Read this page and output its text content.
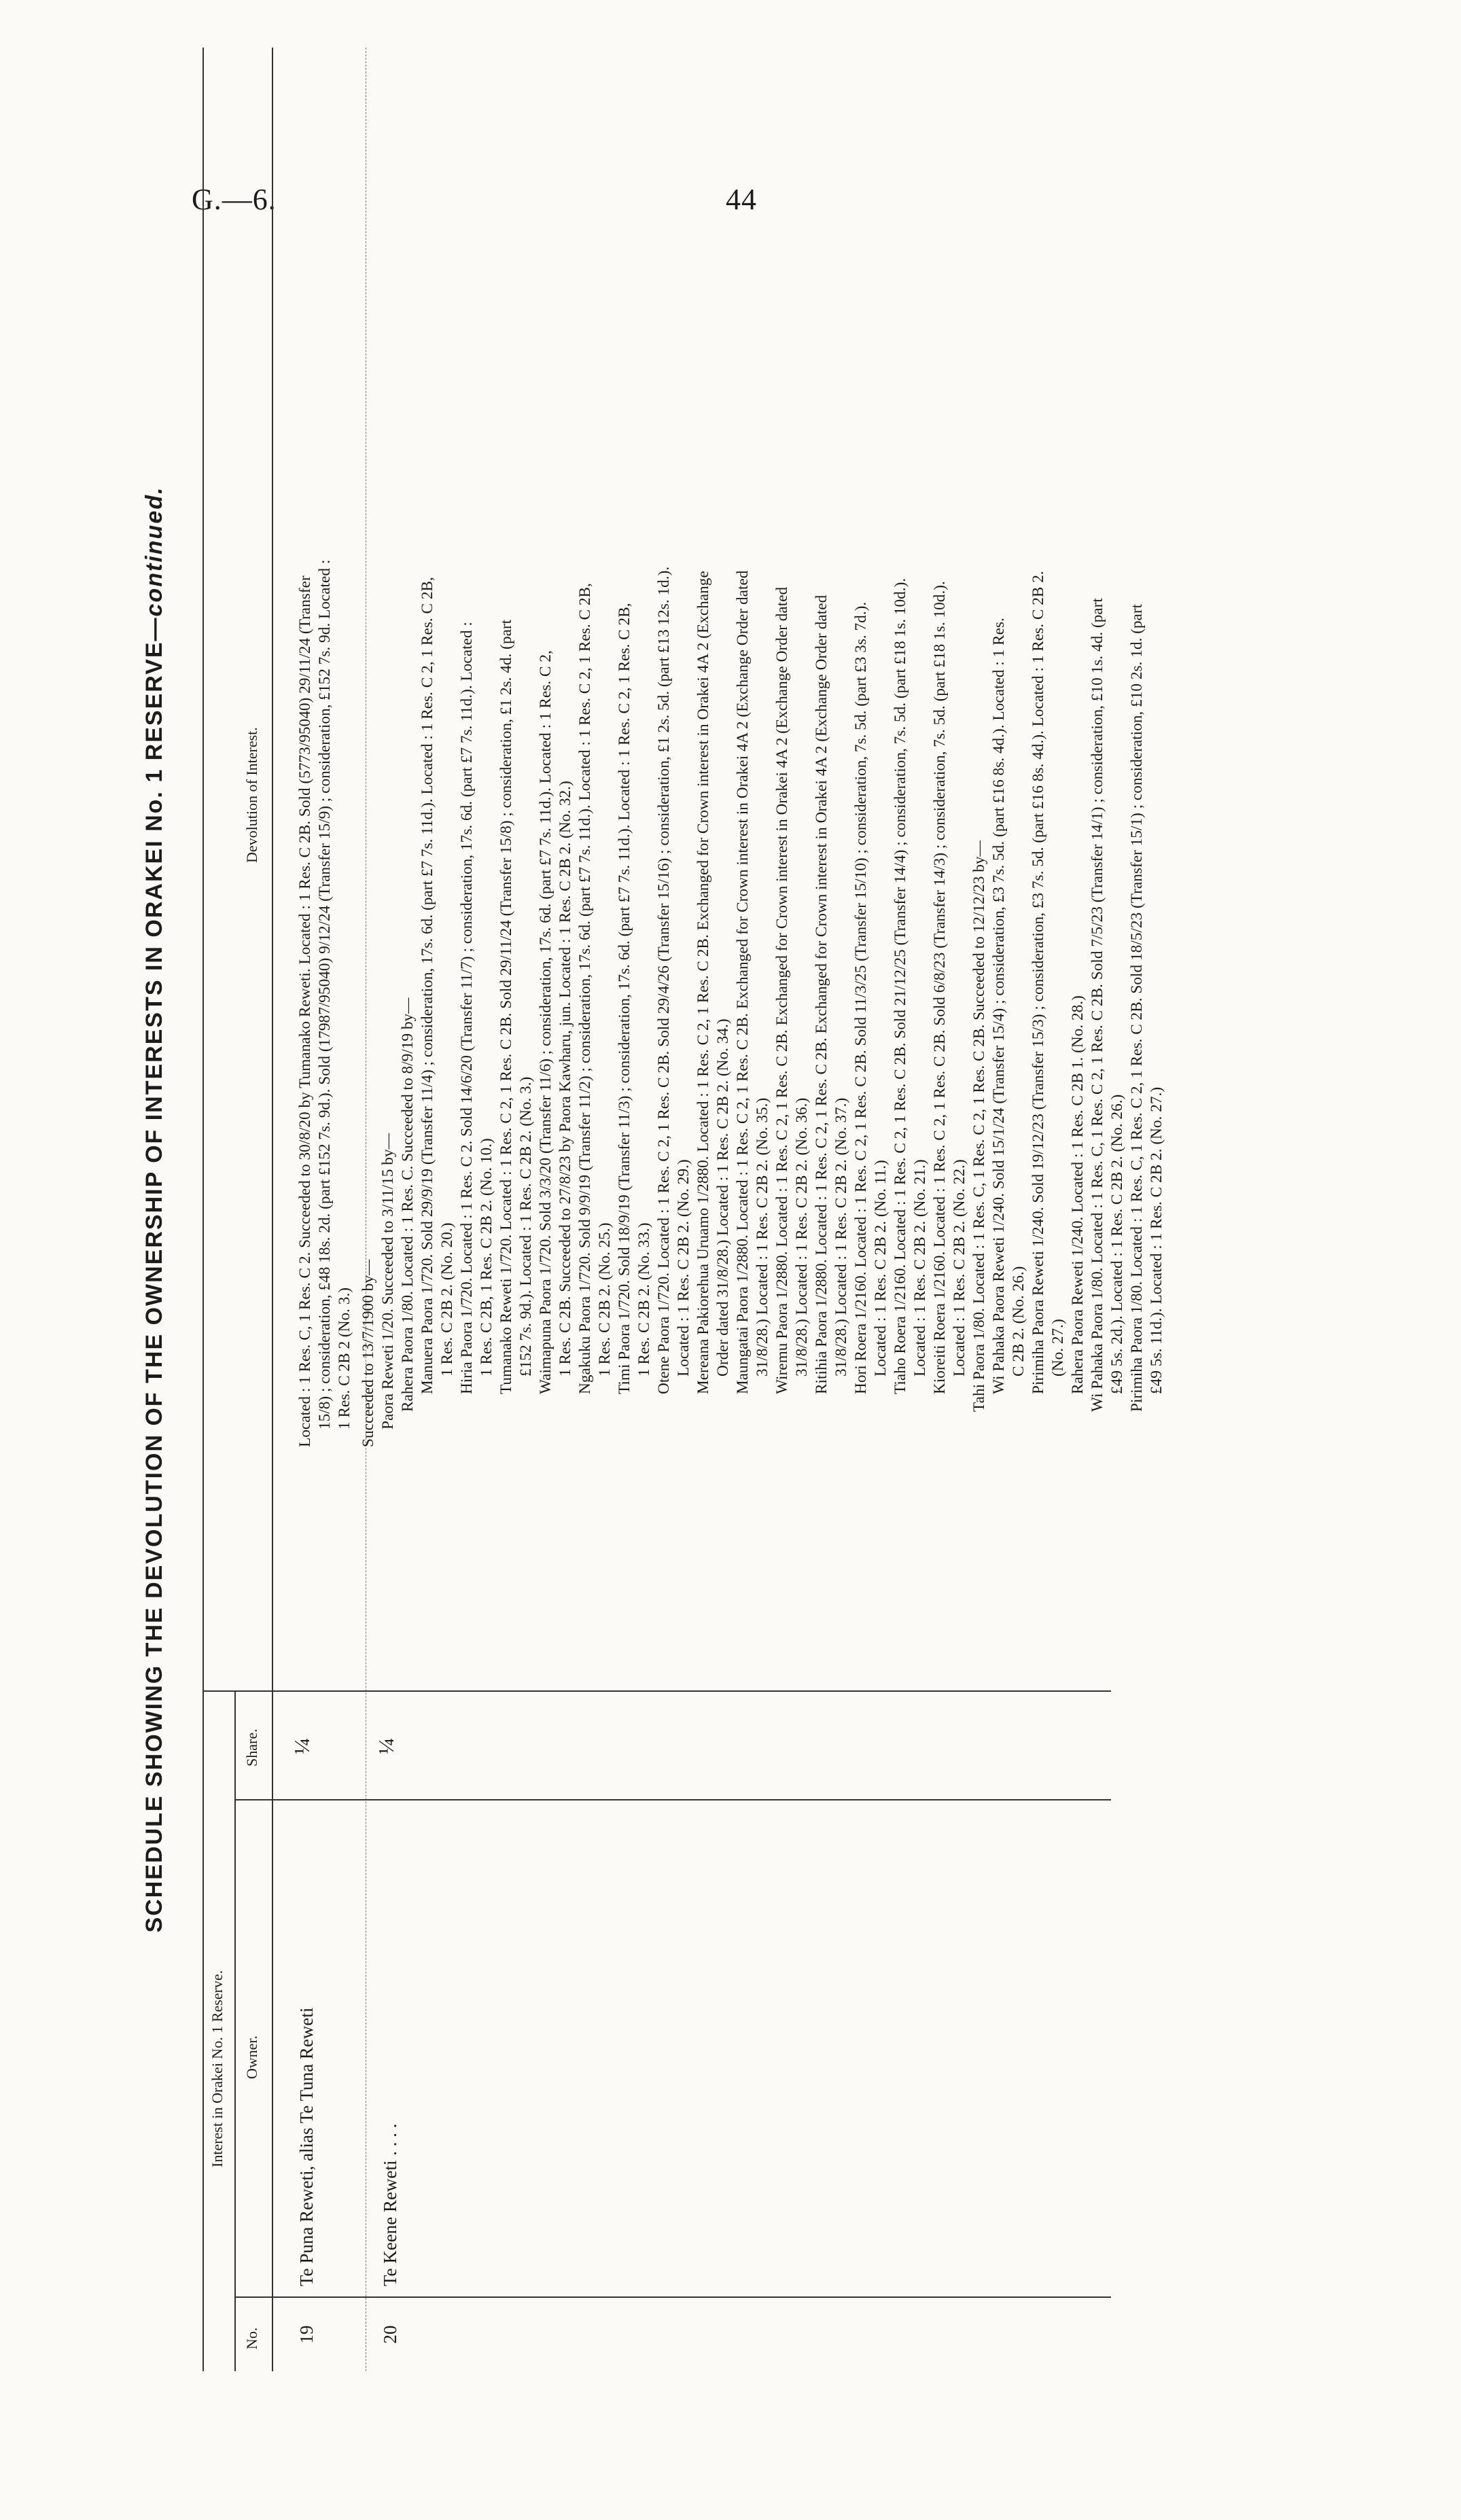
G.—6.	44
SCHEDULE SHOWING THE DEVOLUTION OF THE OWNERSHIP OF INTERESTS IN ORAKEI No. 1 RESERVE—continued.
Interest in Orakei No. 1 Reserve.
No.
Owner.
Share.
Devolution of Interest.
19
Te Puna Reweti, alias Te Tuna Reweti
¼
20
Te Keene Reweti . . . .
¼
Located : 1 Res. C, 1 Res. C 2. Succeeded to 30/8/20 by Tumanako Reweti. Located : 1 Res. C 2B. Sold (5773/95040) 29/11/24 (Transfer 15/8) ; consideration, £48 18s. 2d. (part £152 7s. 9d.). Sold (17987/95040) 9/12/24 (Transfer 15/9) ; consideration, £152 7s. 9d. Located : 1 Res. C 2B 2 (No. 3.) Succeeded to 13/7/1900 by— Paora Reweti 1/20. Succeeded to 3/11/15 by— Rahera Paora 1/80. Located : 1 Res. C. Succeeded to 8/9/19 by— Manuera Paora 1/720. Sold 29/9/19 (Transfer 11/4) ; consideration, 17s. 6d. (part £7 7s. 11d.). Located : 1 Res. C 2, 1 Res. C 2B, 1 Res. C 2B 2. (No. 20.) Hiria Paora 1/720. Located : 1 Res. C 2. Sold 14/6/20 (Transfer 11/7) ; consideration, 17s. 6d. (part £7 7s. 11d.). Located : 1 Res. C 2B, 1 Res. C 2B 2. (No. 10.) Tumanako Reweti 1/720. Located : 1 Res. C 2, 1 Res. C 2B. Sold 29/11/24 (Transfer 15/8) ; consideration, £1 2s. 4d. (part £152 7s. 9d.). Located : 1 Res. C 2B 2. (No. 3.) Waimapuna Paora 1/720. Sold 3/3/20 (Transfer 11/6) ; consideration, 17s. 6d. (part £7 7s. 11d.). Located : 1 Res. C 2, 1 Res. C 2B. Succeeded to 27/8/23 by Paora Kawharu, jun. Located : 1 Res. C 2B 2. (No. 32.) Ngakuku Paora 1/720. Sold 9/9/19 (Transfer 11/2) ; consideration, 17s. 6d. (part £7 7s. 11d.). Located : 1 Res. C 2, 1 Res. C 2B, 1 Res. C 2B 2. (No. 25.) Timi Paora 1/720. Sold 18/9/19 (Transfer 11/3) ; consideration, 17s. 6d. (part £7 7s. 11d.). Located : 1 Res. C 2, 1 Res. C 2B, 1 Res. C 2B 2. (No. 33.) Otene Paora 1/720. Located : 1 Res. C 2, 1 Res. C 2B. Sold 29/4/26 (Transfer 15/16) ; consideration, £1 2s. 5d. (part £13 12s. 1d.). Located : 1 Res. C 2B 2. (No. 29.) Mereana Pakiorehua Uruamo 1/2880. Located : 1 Res. C 2, 1 Res. C 2B. Exchanged for Crown interest in Orakei 4A 2 (Exchange Order dated 31/8/28.) Located : 1 Res. C 2B 2. (No. 34.) Maungatai Paora 1/2880. Located : 1 Res. C 2, 1 Res. C 2B. Exchanged for Crown interest in Orakei 4A 2 (Exchange Order dated 31/8/28.) Located : 1 Res. C 2B 2. (No. 35.) Wiremu Paora 1/2880. Located : 1 Res. C 2, 1 Res. C 2B. Exchanged for Crown interest in Orakei 4A 2 (Exchange Order dated 31/8/28.) Located : 1 Res. C 2B 2. (No. 36.) Ritihia Paora 1/2880. Located : 1 Res. C 2, 1 Res. C 2B. Exchanged for Crown interest in Orakei 4A 2 (Exchange Order dated 31/8/28.) Located : 1 Res. C 2B 2. (No. 37.) Hori Roera 1/2160. Located : 1 Res. C 2, 1 Res. C 2B. Sold 11/3/25 (Transfer 15/10) ; consideration, 7s. 5d. (part £3 3s. 7d.). Located : 1 Res. C 2B 2. (No. 11.) Tiaho Roera 1/2160. Located : 1 Res. C 2, 1 Res. C 2B. Sold 21/12/25 (Transfer 14/4) ; consideration, 7s. 5d. (part £18 1s. 10d.). Located : 1 Res. C 2B 2. (No. 21.) Kioreiti Roera 1/2160. Located : 1 Res. C 2, 1 Res. C 2B. Sold 6/8/23 (Transfer 14/3) ; consideration, 7s. 5d. (part £18 1s. 10d.). Located : 1 Res. C 2B 2. (No. 22.) Tahi Paora 1/80. Located : 1 Res. C, 1 Res. C 2, 1 Res. C 2B. Succeeded to 12/12/23 by— Wi Pahaka Paora Reweti 1/240. Sold 15/1/24 (Transfer 15/4) ; consideration, £3 7s. 5d. (part £16 8s. 4d.). Located : 1 Res. C 2B 2. (No. 26.) Pirimiha Paora Reweti 1/240. Sold 19/12/23 (Transfer 15/3) ; consideration, £3 7s. 5d. (part £16 8s. 4d.). Located : 1 Res. C 2B 2. (No. 27.) Rahera Paora Reweti 1/240. Located : 1 Res. C 2B 1. (No. 28.) Wi Pahaka Paora 1/80. Located : 1 Res. C, 1 Res. C 2, 1 Res. C 2B. Sold 7/5/23 (Transfer 14/1) ; consideration, £10 1s. 4d. (part £49 5s. 2d.). Located : 1 Res. C 2B 2. (No. 26.) Pirimiha Paora 1/80. Located : 1 Res. C, 1 Res. C 2, 1 Res. C 2B. Sold 18/5/23 (Transfer 15/1) ; consideration, £10 2s. 1d. (part £49 5s. 11d.). Located : 1 Res. C 2B 2. (No. 27.)
